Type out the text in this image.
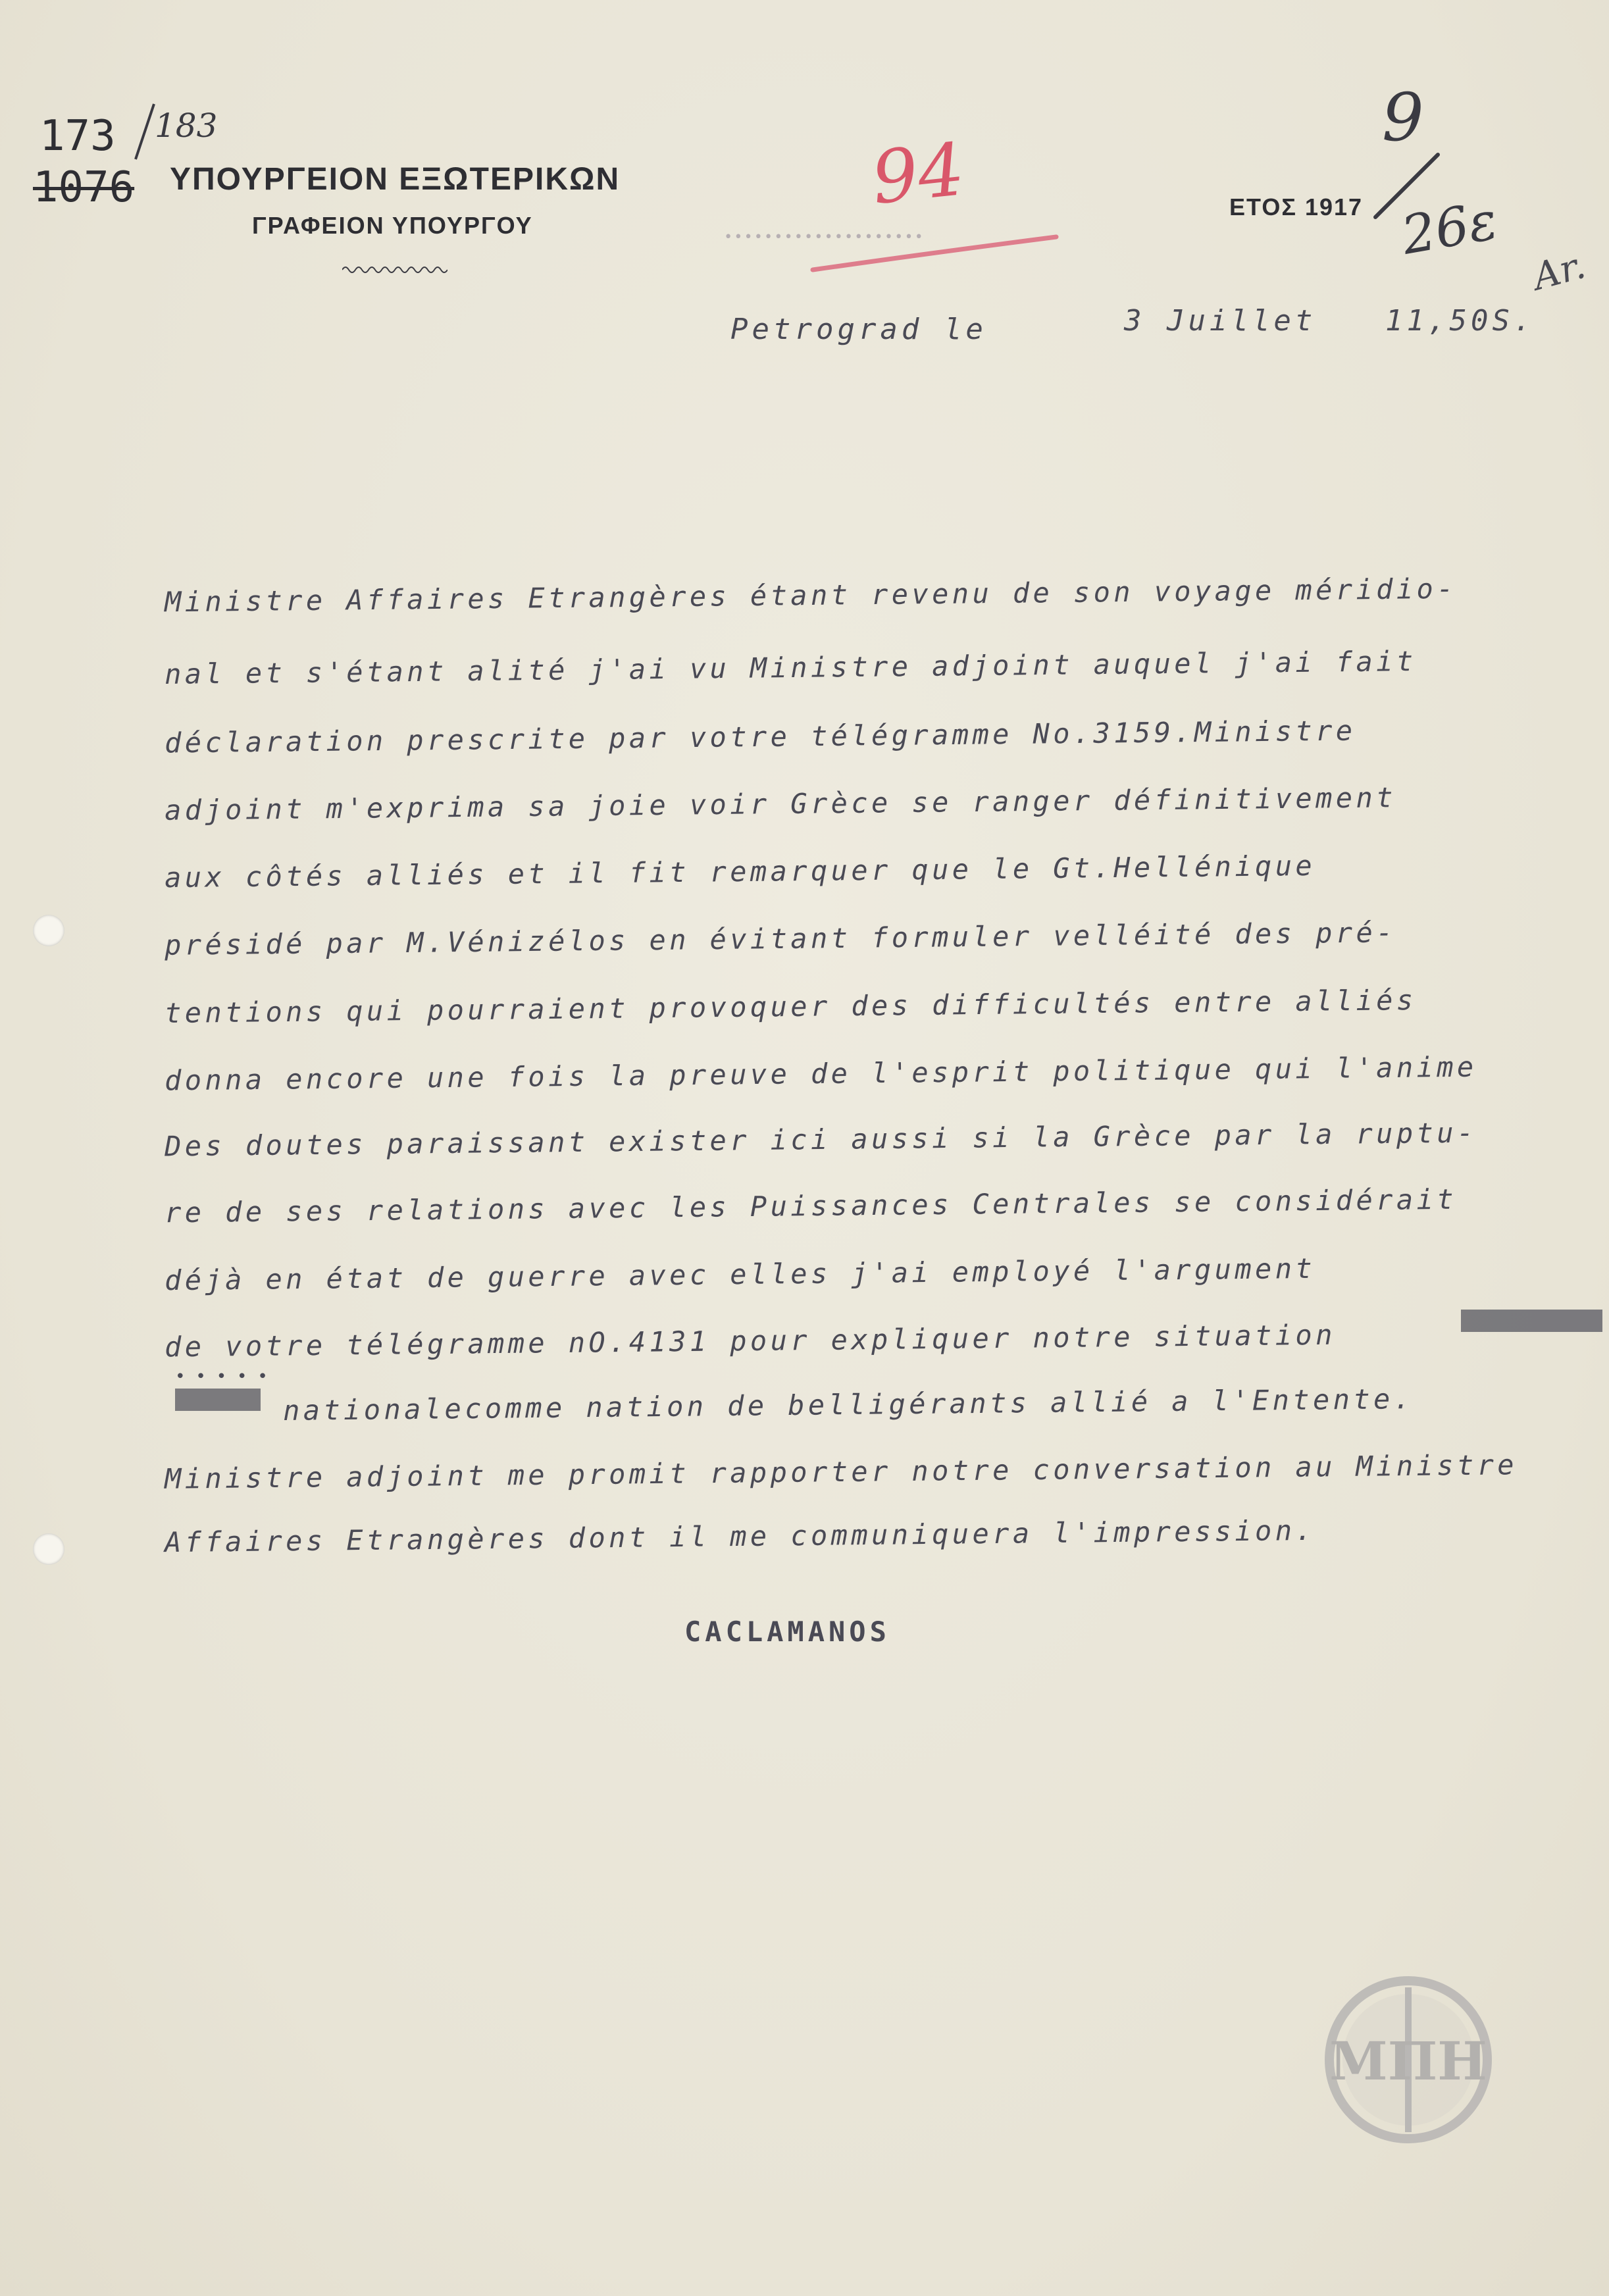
173 183
1076 ΥΠΟΥΡΓΕΙΟΝ ΕΞΩΤΕΡΙΚΩΝ
ΓΡΑΦΕΙΟΝ ΥΠΟΥΡΓΟΥ
94
••••••••••••••••••••
ΕΤΟΣ 1917
9
26ε
Ar.
Petrograd le	3 Juillet 11,50S.
Ministre Affaires Etrangères étant revenu de son voyage méridio-
nal et s'étant alité j'ai vu Ministre adjoint auquel j'ai fait
déclaration prescrite par votre télégramme No.3159.Ministre
adjoint m'exprima sa joie voir Grèce se ranger définitivement
aux côtés alliés et il fit remarquer que le Gt.Hellénique
présidé par M.Vénizélos en évitant formuler velléité des pré-
tentions qui pourraient provoquer des difficultés entre alliés
donna encore une fois la preuve de l'esprit politique qui l'anime
Des doutes paraissant exister ici aussi si la Grèce par la ruptu-
re de ses relations avec les Puissances Centrales se considérait
déjà en état de guerre avec elles j'ai employé l'argument
de votre télégramme nO.4131 pour expliquer notre situation
nationalecomme nation de belligérants allié a l'Entente.
• • • • •
Ministre adjoint me promit rapporter notre conversation au Ministre
Affaires Etrangères dont il me communiquera l'impression.
CACLAMANOS
ΜΠΗ
